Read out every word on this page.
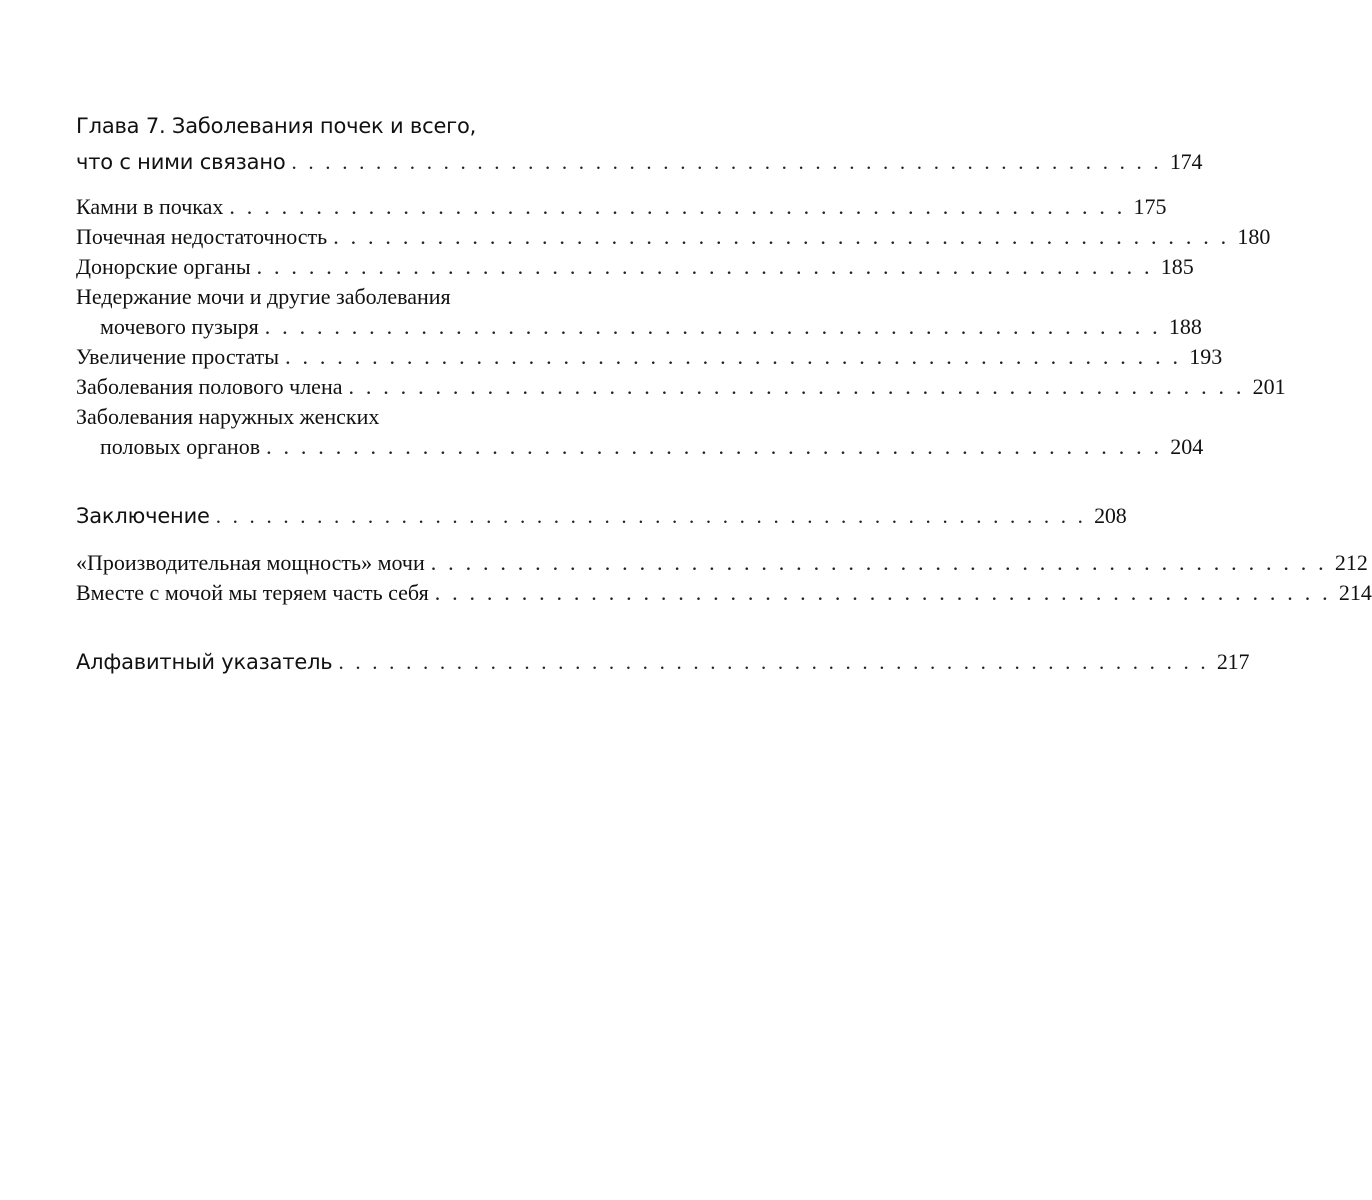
Глава 7. Заболевания почек и всего,
что с ними связано . . . . . . . . . . . . . . . . . . . . . . . . . . . . . . . . . . . . . . . . . . . . . . . . . . . . 174
Камни в почках . . . . . . . . . . . . . . . . . . . . . . . . . . . . . . . . . . . . . . . . . . . . . . . . . . . . 175
Почечная недостаточность . . . . . . . . . . . . . . . . . . . . . . . . . . . . . . . . . . . . . . . . . . . . . . . . . . . . 180
Донорские органы . . . . . . . . . . . . . . . . . . . . . . . . . . . . . . . . . . . . . . . . . . . . . . . . . . . . 185
Недержание мочи и другие заболевания
мочевого пузыря . . . . . . . . . . . . . . . . . . . . . . . . . . . . . . . . . . . . . . . . . . . . . . . . . . . . 188
Увеличение простаты . . . . . . . . . . . . . . . . . . . . . . . . . . . . . . . . . . . . . . . . . . . . . . . . . . . . 193
Заболевания полового члена . . . . . . . . . . . . . . . . . . . . . . . . . . . . . . . . . . . . . . . . . . . . . . . . . . . . 201
Заболевания наружных женских
половых органов . . . . . . . . . . . . . . . . . . . . . . . . . . . . . . . . . . . . . . . . . . . . . . . . . . . . 204
Заключение . . . . . . . . . . . . . . . . . . . . . . . . . . . . . . . . . . . . . . . . . . . . . . . . . . . . 208
«Производительная мощность» мочи . . . . . . . . . . . . . . . . . . . . . . . . . . . . . . . . . . . . . . . . . . . . . . . . . . . . 212
Вместе с мочой мы теряем часть себя . . . . . . . . . . . . . . . . . . . . . . . . . . . . . . . . . . . . . . . . . . . . . . . . . . . . 214
Алфавитный указатель . . . . . . . . . . . . . . . . . . . . . . . . . . . . . . . . . . . . . . . . . . . . . . . . . . . . 217
